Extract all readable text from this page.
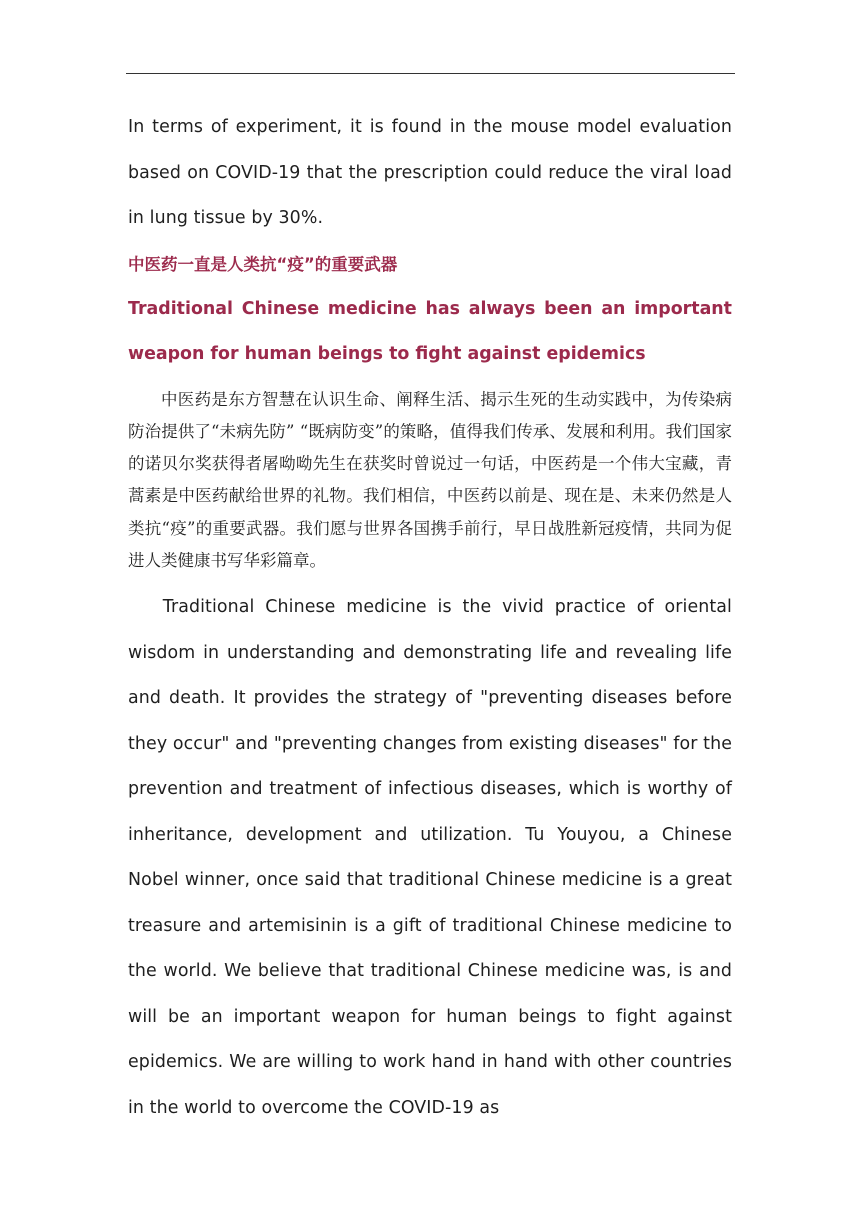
In terms of experiment, it is found in the mouse model evaluation based on COVID-19 that the prescription could reduce the viral load in lung tissue by 30%.

中医药一直是人类抗“疫”的重要武器

Traditional Chinese medicine has always been an important weapon for human beings to fight against epidemics

中医药是东方智慧在认识生命、阐释生活、揭示生死的生动实践中，为传染病防治提供了“未病先防” “既病防变”的策略，值得我们传承、发展和利用。我们国家的诺贝尔奖获得者屠呦呦先生在获奖时曾说过一句话，中医药是一个伟大宝藏，青蒿素是中医药献给世界的礼物。我们相信，中医药以前是、现在是、未来仍然是人类抗“疫”的重要武器。我们愿与世界各国携手前行，早日战胜新冠疫情，共同为促进人类健康书写华彩篇章。

Traditional Chinese medicine is the vivid practice of oriental wisdom in understanding and demonstrating life and revealing life and death. It provides the strategy of "preventing diseases before they occur" and "preventing changes from existing diseases" for the prevention and treatment of infectious diseases, which is worthy of inheritance, development and utilization. Tu Youyou, a Chinese Nobel winner, once said that traditional Chinese medicine is a great treasure and artemisinin is a gift of traditional Chinese medicine to the world. We believe that traditional Chinese medicine was, is and will be an important weapon for human beings to fight against epidemics. We are willing to work hand in hand with other countries in the world to overcome the COVID-19 as
